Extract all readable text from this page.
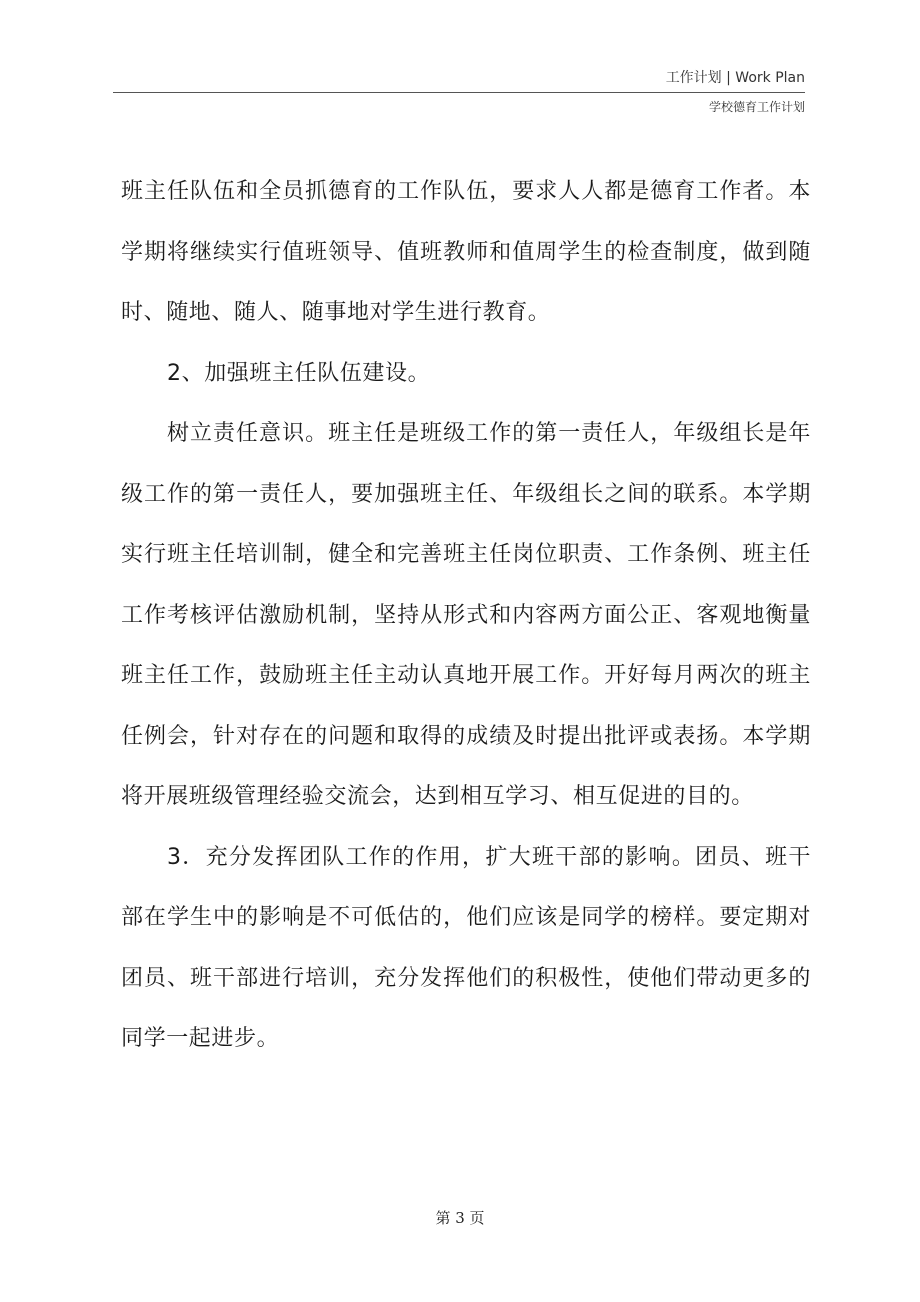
工作计划 | Work Plan
学校德育工作计划

班主任队伍和全员抓德育的工作队伍，要求人人都是德育工作者。本学期将继续实行值班领导、值班教师和值周学生的检查制度，做到随时、随地、随人、随事地对学生进行教育。

2、加强班主任队伍建设。

树立责任意识。班主任是班级工作的第一责任人，年级组长是年级工作的第一责任人，要加强班主任、年级组长之间的联系。本学期实行班主任培训制，健全和完善班主任岗位职责、工作条例、班主任工作考核评估激励机制，坚持从形式和内容两方面公正、客观地衡量班主任工作，鼓励班主任主动认真地开展工作。开好每月两次的班主任例会，针对存在的问题和取得的成绩及时提出批评或表扬。本学期将开展班级管理经验交流会，达到相互学习、相互促进的目的。

3．充分发挥团队工作的作用，扩大班干部的影响。团员、班干部在学生中的影响是不可低估的，他们应该是同学的榜样。要定期对团员、班干部进行培训，充分发挥他们的积极性，使他们带动更多的同学一起进步。

第 3 页
